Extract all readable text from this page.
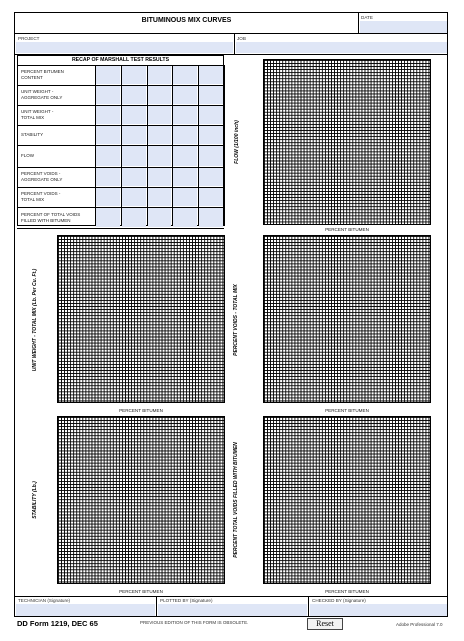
BITUMINOUS MIX CURVES	DATE
PROJECT	JOB
RECAP OF MARSHALL TEST RESULTS
PERCENT BITUMEN
CONTENT
UNIT WEIGHT -
AGGREGATE ONLY
UNIT WEIGHT -
TOTAL MIX
STABILITY
FLOW
PERCENT VOIDS -
AGGREGATE ONLY
PERCENT VOIDS -
TOTAL MIX
PERCENT OF TOTAL VOIDS
FILLED WITH BITUMEN
FLOW (1/100 inch)
PERCENT BITUMEN
UNIT WEIGHT - TOTAL MIX (Lb. Per Cu. Ft.)
PERCENT BITUMEN
PERCENT VOIDS - TOTAL MIX
PERCENT BITUMEN
STABILITY (Lb.)
PERCENT BITUMEN
PERCENT TOTAL VOIDS FILLED WITH BITUMEN
PERCENT BITUMEN
TECHNICIAN (Signature)	PLOTTED BY (Signature)	CHECKED BY (Signature)
DD Form 1219, DEC 65	PREVIOUS EDITION OF THIS FORM IS OBSOLETE.	Reset	Adobe Professional 7.0
